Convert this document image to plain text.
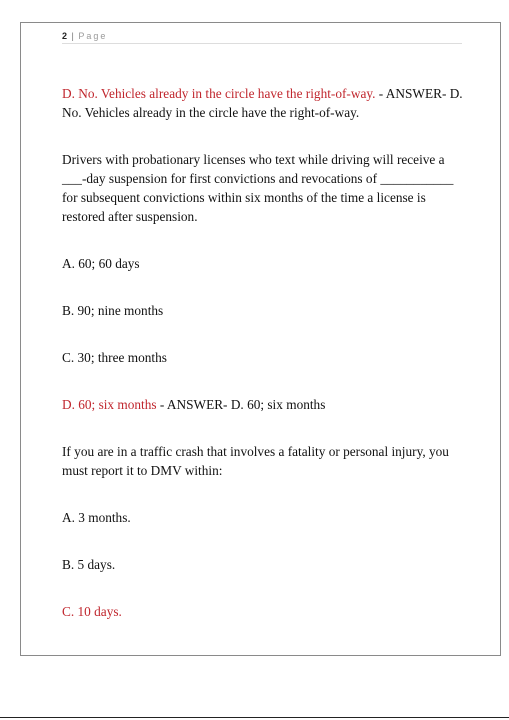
2 | Page

D. No. Vehicles already in the circle have the right-of-way. - ANSWER- D. No. Vehicles already in the circle have the right-of-way.

Drivers with probationary licenses who text while driving will receive a ___-day suspension for first convictions and revocations of ___________ for subsequent convictions within six months of the time a license is restored after suspension.

A. 60; 60 days

B. 90; nine months

C. 30; three months

D. 60; six months - ANSWER- D. 60; six months

If you are in a traffic crash that involves a fatality or personal injury, you must report it to DMV within:

A. 3 months.

B. 5 days.

C. 10 days.
